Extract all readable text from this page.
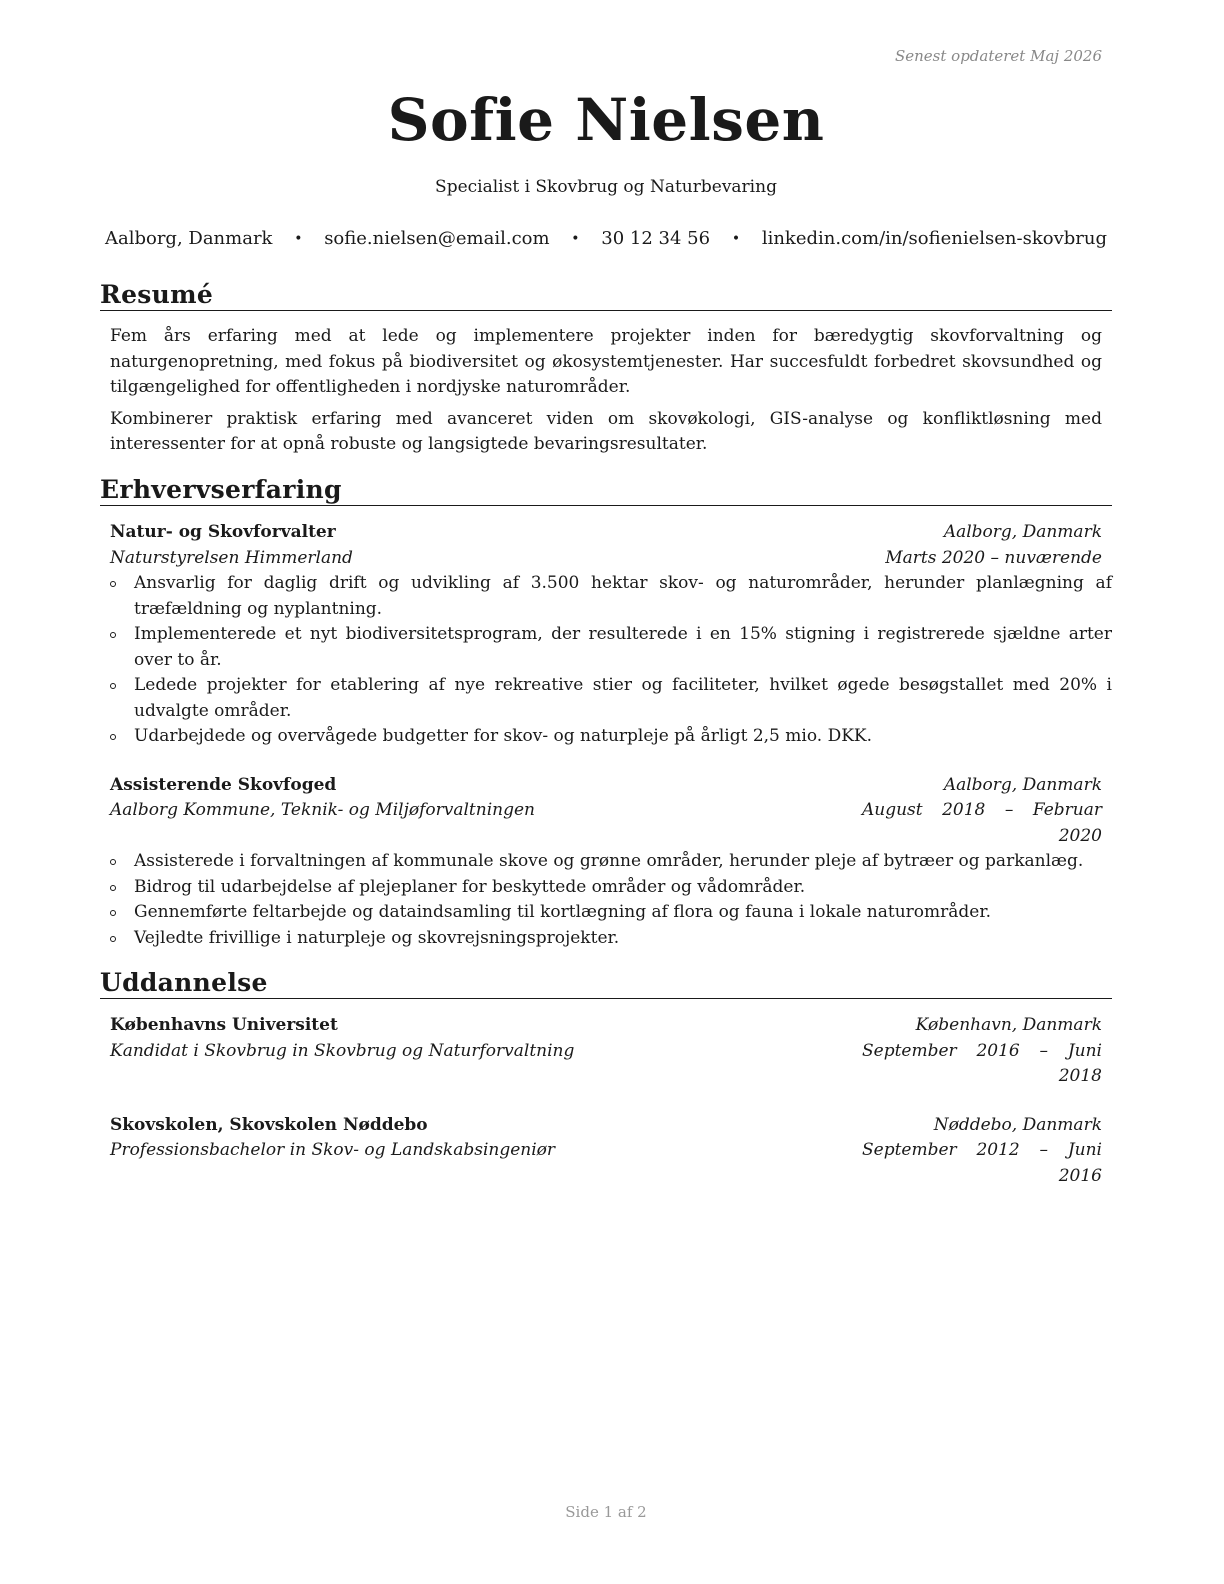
Senest opdateret Maj 2026
Sofie Nielsen
Specialist i Skovbrug og Naturbevaring
Aalborg, Danmark • sofie.nielsen@email.com • 30 12 34 56 • linkedin.com/in/sofienielsen-skovbrug
Resumé
Fem års erfaring med at lede og implementere projekter inden for bæredygtig skovforvaltning og naturgenopretning, med fokus på biodiversitet og økosystemtjenester. Har succesfuldt forbedret skovsundhed og tilgængelighed for offentligheden i nordjyske naturområder.
Kombinerer praktisk erfaring med avanceret viden om skovøkologi, GIS-analyse og konfliktløsning med interessenter for at opnå robuste og langsigtede bevaringsresultater.
Erhvervserfaring
Natur- og Skovforvalter	Aalborg, Danmark
Naturstyrelsen Himmerland	Marts 2020 – nuværende
Ansvarlig for daglig drift og udvikling af 3.500 hektar skov- og naturområder, herunder planlægning af træfældning og nyplantning.
Implementerede et nyt biodiversitetsprogram, der resulterede i en 15% stigning i registrerede sjældne arter over to år.
Ledede projekter for etablering af nye rekreative stier og faciliteter, hvilket øgede besøgstallet med 20% i udvalgte områder.
Udarbejdede og overvågede budgetter for skov- og naturpleje på årligt 2,5 mio. DKK.
Assisterende Skovfoged	Aalborg, Danmark
Aalborg Kommune, Teknik- og Miljøforvaltningen	August 2018 – Februar 2020
Assisterede i forvaltningen af kommunale skove og grønne områder, herunder pleje af bytræer og parkanlæg.
Bidrog til udarbejdelse af plejeplaner for beskyttede områder og vådområder.
Gennemførte feltarbejde og dataindsamling til kortlægning af flora og fauna i lokale naturområder.
Vejledte frivillige i naturpleje og skovrejsningsprojekter.
Uddannelse
Københavns Universitet	København, Danmark
Kandidat i Skovbrug in Skovbrug og Naturforvaltning	September 2016 – Juni 2018
Skovskolen, Skovskolen Nøddebo	Nøddebo, Danmark
Professionsbachelor in Skov- og Landskabsingeniør	September 2012 – Juni 2016
Side 1 af 2
